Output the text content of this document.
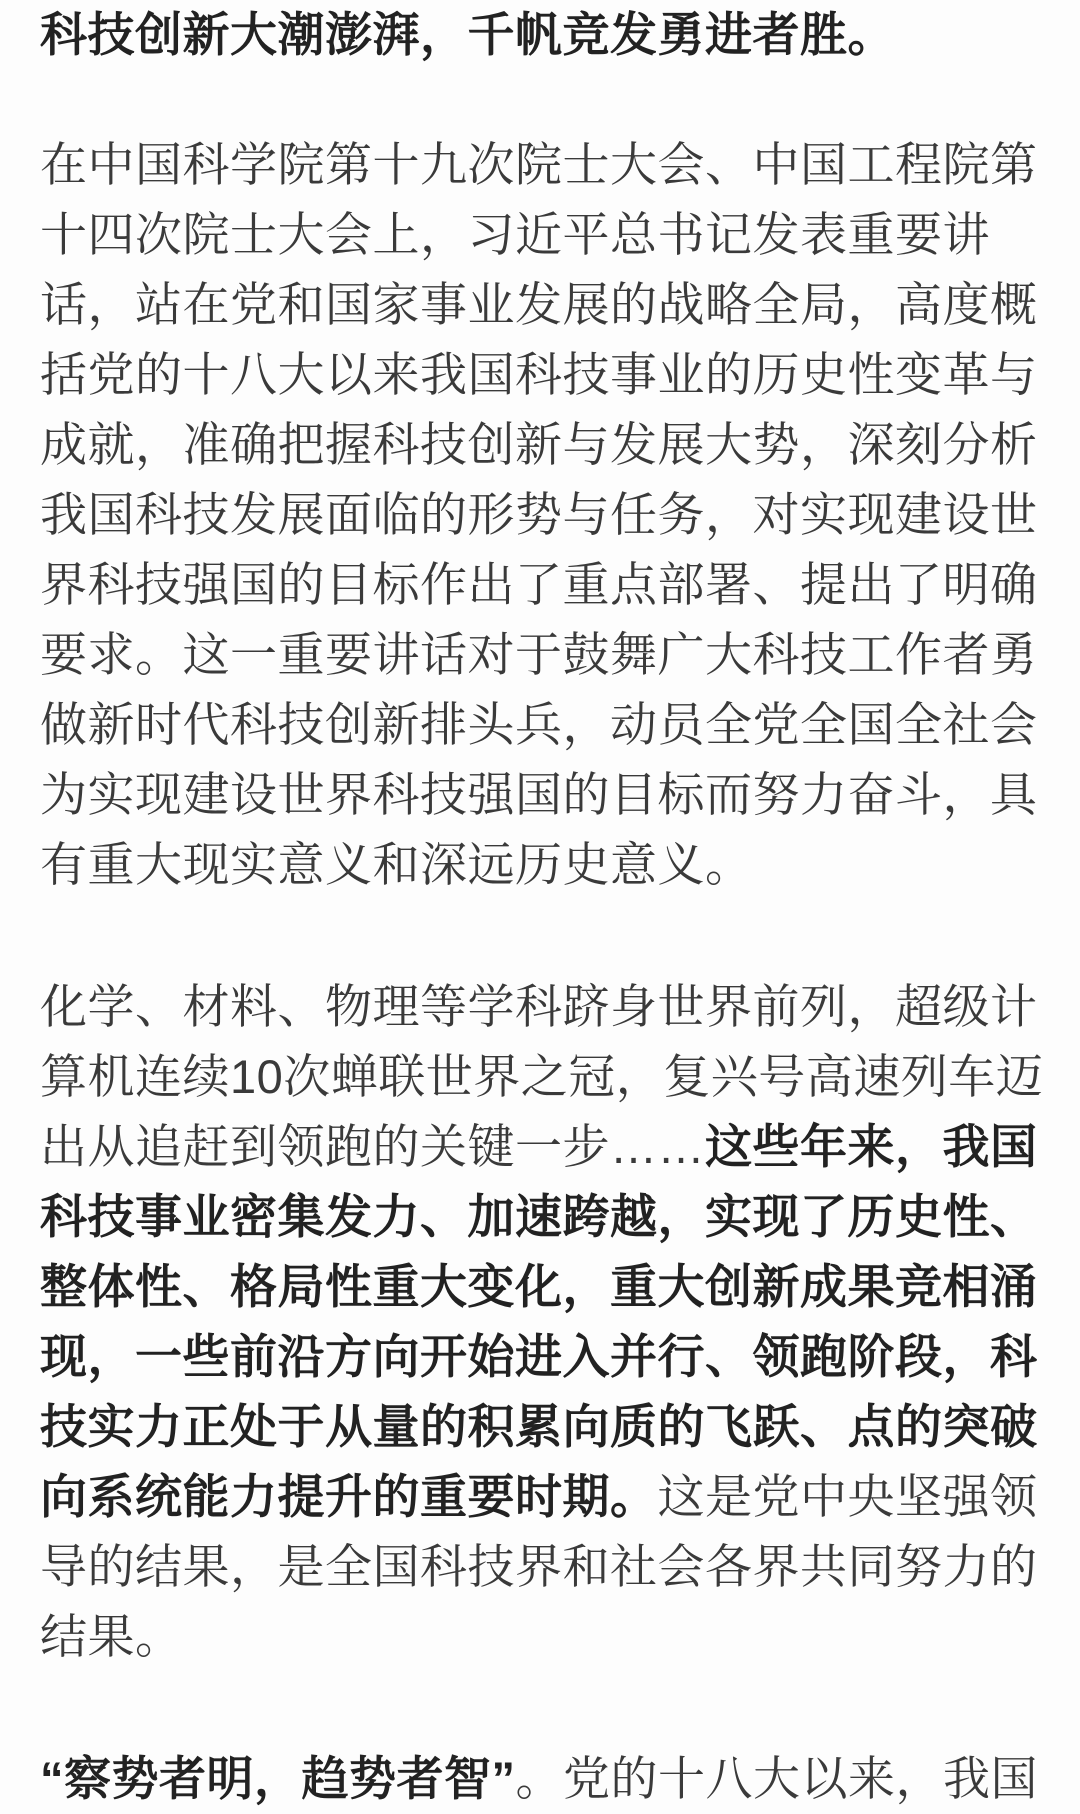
科技创新大潮澎湃，千帆竞发勇进者胜。
在中国科学院第十九次院士大会、中国工程院第
十四次院士大会上，习近平总书记发表重要讲
话，站在党和国家事业发展的战略全局，高度概
括党的十八大以来我国科技事业的历史性变革与
成就，准确把握科技创新与发展大势，深刻分析
我国科技发展面临的形势与任务，对实现建设世
界科技强国的目标作出了重点部署、提出了明确
要求。这一重要讲话对于鼓舞广大科技工作者勇
做新时代科技创新排头兵，动员全党全国全社会
为实现建设世界科技强国的目标而努力奋斗，具
有重大现实意义和深远历史意义。
化学、材料、物理等学科跻身世界前列，超级计
算机连续10次蝉联世界之冠，复兴号高速列车迈
出从追赶到领跑的关键一步……这些年来，我国
科技事业密集发力、加速跨越，实现了历史性、
整体性、格局性重大变化，重大创新成果竞相涌
现，一些前沿方向开始进入并行、领跑阶段，科
技实力正处于从量的积累向质的飞跃、点的突破
向系统能力提升的重要时期。这是党中央坚强领
导的结果，是全国科技界和社会各界共同努力的
结果。
“察势者明，趋势者智”。党的十八大以来，我国
